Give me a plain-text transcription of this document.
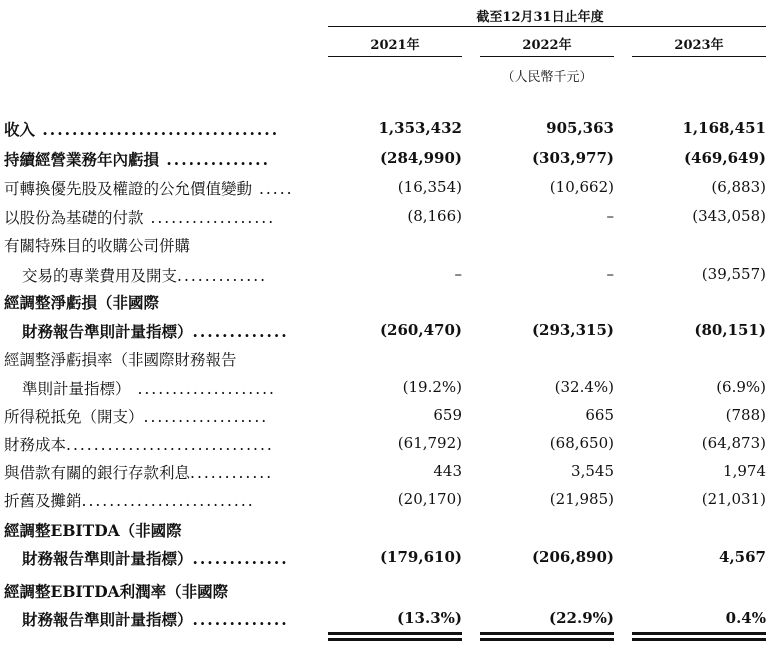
截至12月31日止年度
2021年	2022年	2023年
（人民幣千元）
收入 ................................	1,353,432	905,363	1,168,451
持續經營業務年內虧損 ..............	(284,990)	(303,977)	(469,649)
可轉換優先股及權證的公允價值變動 .....	(16,354)	(10,662)	(6,883)
以股份為基礎的付款 ..................	(8,166)	–	(343,058)
有關特殊目的收購公司併購
交易的專業費用及開支.............	–	–	(39,557)
經調整淨虧損（非國際
財務報告準則計量指標）.............	(260,470)	(293,315)	(80,151)
經調整淨虧損率（非國際財務報告
準則計量指標） ....................	(19.2%)	(32.4%)	(6.9%)
所得税抵免（開支）..................	659	665	(788)
財務成本..............................	(61,792)	(68,650)	(64,873)
與借款有關的銀行存款利息............	443	3,545	1,974
折舊及攤銷.........................	(20,170)	(21,985)	(21,031)
經調整EBITDA（非國際
財務報告準則計量指標）.............	(179,610)	(206,890)	4,567
經調整EBITDA利潤率（非國際
財務報告準則計量指標）.............	(13.3%)	(22.9%)	0.4%
